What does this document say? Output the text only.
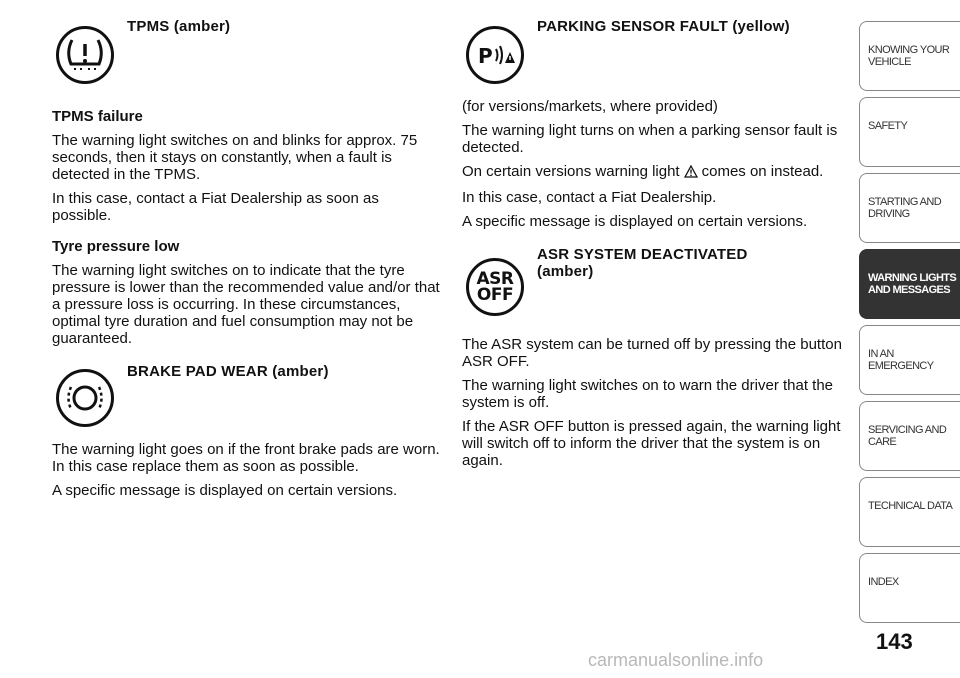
TPMS (amber)

TPMS failure

The warning light switches on and blinks for approx. 75 seconds, then it stays on constantly, when a fault is detected in the TPMS.

In this case, contact a Fiat Dealership as soon as possible.

Tyre pressure low

The warning light switches on to indicate that the tyre pressure is lower than the recommended value and/or that a pressure loss is occurring. In these circumstances, optimal tyre duration and fuel consumption may not be guaranteed.

BRAKE PAD WEAR (amber)

The warning light goes on if the front brake pads are worn. In this case replace them as soon as possible.

A specific message is displayed on certain versions.

P
PARKING SENSOR FAULT (yellow)

(for versions/markets, where provided)

The warning light turns on when a parking sensor fault is detected.

On certain versions warning light comes on instead.

In this case, contact a Fiat Dealership.

A specific message is displayed on certain versions.

ASR
OFF
ASR SYSTEM DEACTIVATED
(amber)

The ASR system can be turned off by pressing the button ASR OFF.

The warning light switches on to warn the driver that the system is off.

If the ASR OFF button is pressed again, the warning light will switch off to inform the driver that the system is on again.

KNOWING YOUR VEHICLE
SAFETY
STARTING AND DRIVING
WARNING LIGHTS AND MESSAGES
IN AN EMERGENCY
SERVICING AND CARE
TECHNICAL DATA
INDEX
143
carmanualsonline.info
